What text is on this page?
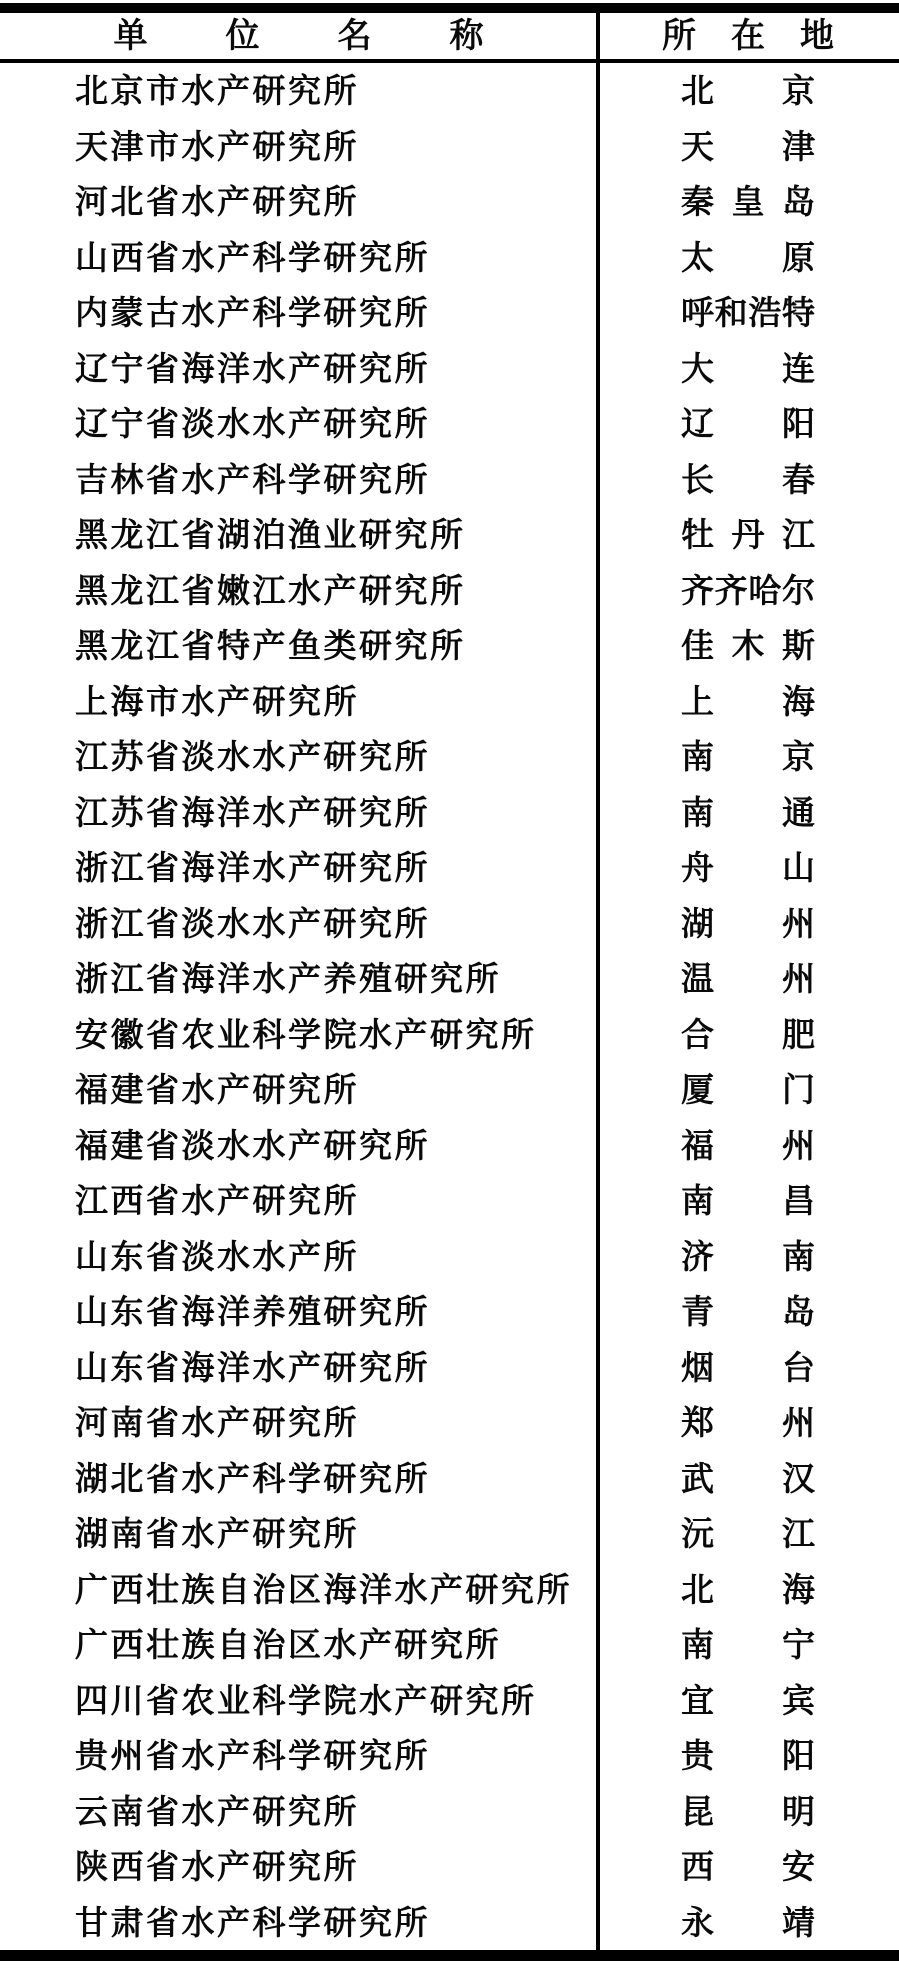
单 位 名 称	所 在 地
北京市水产研究所	北 京
天津市水产研究所	天 津
河北省水产研究所	秦 皇 岛
山西省水产科学研究所	太 原
内蒙古水产科学研究所	呼 和 浩 特
辽宁省海洋水产研究所	大 连
辽宁省淡水水产研究所	辽 阳
吉林省水产科学研究所	长 春
黑龙江省湖泊渔业研究所	牡 丹 江
黑龙江省嫩江水产研究所	齐 齐 哈 尔
黑龙江省特产鱼类研究所	佳 木 斯
上海市水产研究所	上 海
江苏省淡水水产研究所	南 京
江苏省海洋水产研究所	南 通
浙江省海洋水产研究所	舟 山
浙江省淡水水产研究所	湖 州
浙江省海洋水产养殖研究所	温 州
安徽省农业科学院水产研究所	合 肥
福建省水产研究所	厦 门
福建省淡水水产研究所	福 州
江西省水产研究所	南 昌
山东省淡水水产所	济 南
山东省海洋养殖研究所	青 岛
山东省海洋水产研究所	烟 台
河南省水产研究所	郑 州
湖北省水产科学研究所	武 汉
湖南省水产研究所	沅 江
广西壮族自治区海洋水产研究所	北 海
广西壮族自治区水产研究所	南 宁
四川省农业科学院水产研究所	宜 宾
贵州省水产科学研究所	贵 阳
云南省水产研究所	昆 明
陕西省水产研究所	西 安
甘肃省水产科学研究所	永 靖
